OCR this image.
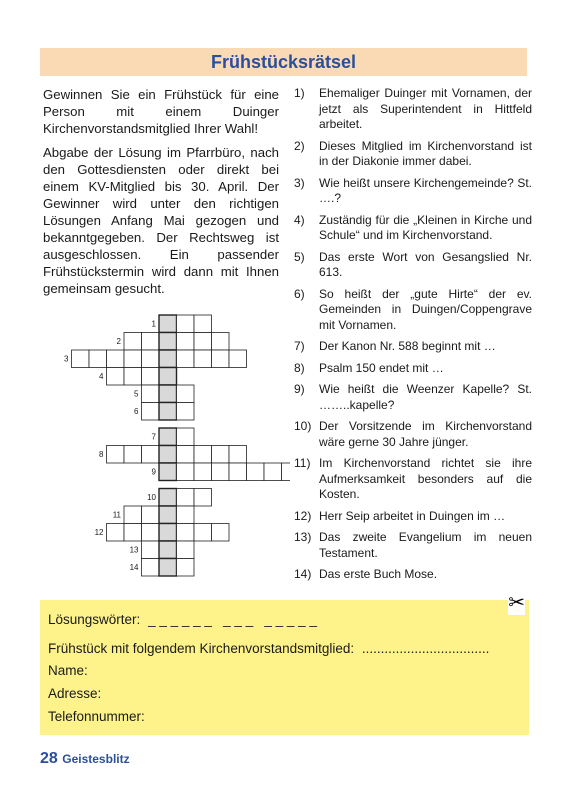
Frühstücksrätsel

Gewinnen Sie ein Frühstück für eine Person mit einem Duinger Kirchenvorstandsmitglied Ihrer Wahl!

Abgabe der Lösung im Pfarrbüro, nach den Gottesdiensten oder direkt bei einem KV-Mitglied bis 30. April. Der Gewinner wird unter den richtigen Lösungen Anfang Mai gezogen und bekanntgegeben. Der Rechtsweg ist ausgeschlossen. Ein passender Frühstückstermin wird dann mit Ihnen gemeinsam gesucht.

1)	Ehemaliger Duinger mit Vornamen, der jetzt als Superintendent in Hittfeld arbeitet.
2)	Dieses Mitglied im Kirchenvorstand ist in der Diakonie immer dabei.
3)	Wie heißt unsere Kirchengemeinde? St. ….?
4)	Zuständig für die „Kleinen in Kirche und Schule“ und im Kirchenvorstand.
5)	Das erste Wort von Gesangslied Nr. 613.
6)	So heißt der „gute Hirte“ der ev. Gemeinden in Duingen/Coppengrave mit Vornamen.
7)	Der Kanon Nr. 588 beginnt mit …
8)	Psalm 150 endet mit …
9)	Wie heißt die Weenzer Kapelle? St. ……..kapelle?
10) Der Vorsitzende im Kirchenvorstand wäre gerne 30 Jahre jünger.
11) Im Kirchenvorstand richtet sie ihre Aufmerksamkeit besonders auf die Kosten.
12) Herr Seip arbeitet in Duingen im …
13) Das zweite Evangelium im neuen Testament.
14) Das erste Buch Mose.
1
2
3
4
5
6
7
8
9
10
11
12
13
14
✂
Lösungswörter: _ _ _ _ _ _   _ _ _   _ _ _ _ _
Frühstück mit folgendem Kirchenvorstandsmitglied: ..................................
Name:
Adresse:
Telefonnummer:
28 Geistesblitz
